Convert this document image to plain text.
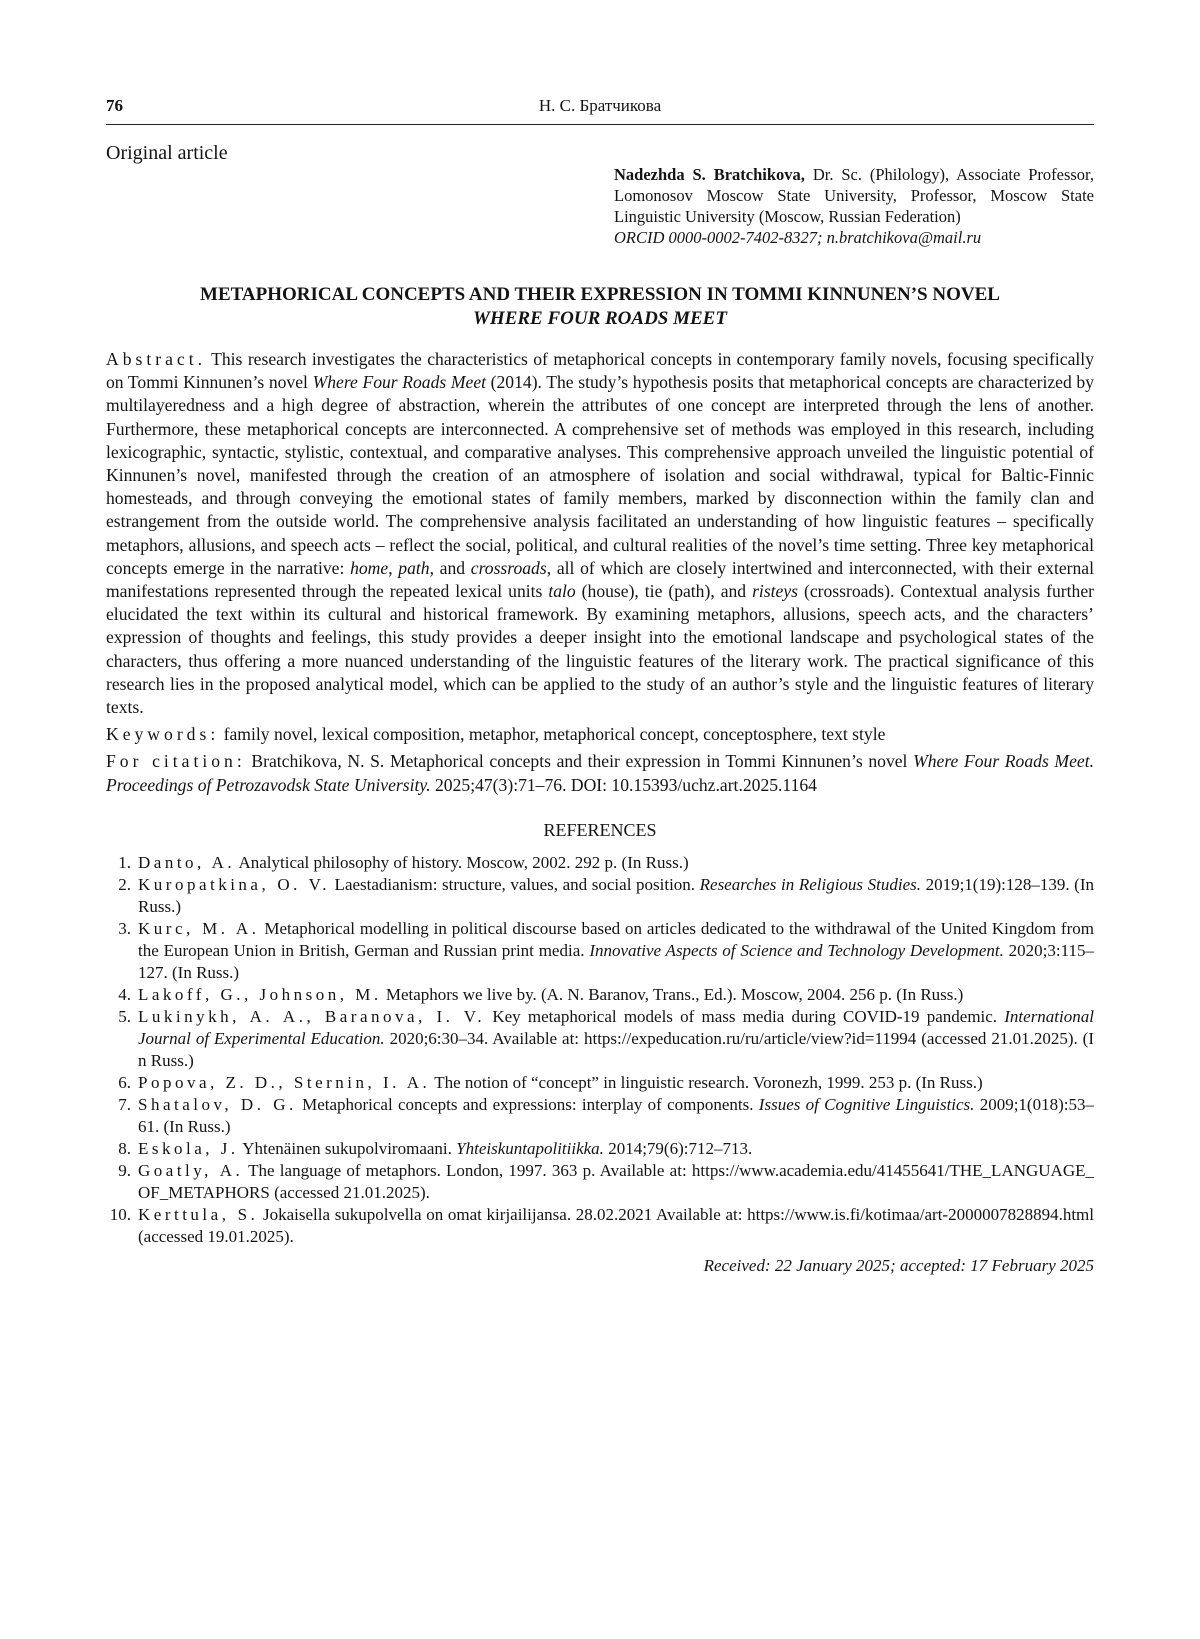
76	Н. С. Братчикова
Original article
Nadezhda S. Bratchikova, Dr. Sc. (Philology), Associate Professor, Lomonosov Moscow State University, Professor, Moscow State Linguistic University (Moscow, Russian Federation)
ORCID 0000-0002-7402-8327; n.bratchikova@mail.ru
METAPHORICAL CONCEPTS AND THEIR EXPRESSION IN TOMMI KINNUNEN’S NOVEL
WHERE FOUR ROADS MEET

Abstract. This research investigates the characteristics of metaphorical concepts in contemporary family novels, focusing specifically on Tommi Kinnunen’s novel Where Four Roads Meet (2014). The study’s hypothesis posits that metaphorical concepts are characterized by multilayeredness and a high degree of abstraction, wherein the attributes of one concept are interpreted through the lens of another. Furthermore, these metaphorical concepts are interconnected. A comprehensive set of methods was employed in this research, including lexicographic, syntactic, stylistic, contextual, and comparative analyses. This comprehensive approach unveiled the linguistic potential of Kinnunen’s novel, manifested through the creation of an atmosphere of isolation and social withdrawal, typical for Baltic-Finnic homesteads, and through conveying the emotional states of family members, marked by disconnection within the family clan and estrangement from the outside world. The comprehensive analysis facilitated an understanding of how linguistic features – specifically metaphors, allusions, and speech acts – reflect the social, political, and cultural realities of the novel’s time setting. Three key metaphorical concepts emerge in the narrative: home, path, and crossroads, all of which are closely intertwined and interconnected, with their external manifestations represented through the repeated lexical units talo (house), tie (path), and risteys (crossroads). Contextual analysis further elucidated the text within its cultural and historical framework. By examining metaphors, allusions, speech acts, and the characters’ expression of thoughts and feelings, this study provides a deeper insight into the emotional landscape and psychological states of the characters, thus offering a more nuanced understanding of the linguistic features of the literary work. The practical significance of this research lies in the proposed analytical model, which can be applied to the study of an author’s style and the linguistic features of literary texts.

Keywords: family novel, lexical composition, metaphor, metaphorical concept, conceptosphere, text style

For citation: Bratchikova, N. S. Metaphorical concepts and their expression in Tommi Kinnunen’s novel Where Four Roads Meet. Proceedings of Petrozavodsk State University. 2025;47(3):71–76. DOI: 10.15393/uchz.art.2025.1164

REFERENCES
1. Danto, A. Analytical philosophy of history. Moscow, 2002. 292 p. (In Russ.)
2. Kuropatkina, O. V. Laestadianism: structure, values, and social position. Researches in Religious Studies. 2019;1(19):128–139. (In Russ.)
3. Kurc, M. A. Metaphorical modelling in political discourse based on articles dedicated to the withdrawal of the United Kingdom from the European Union in British, German and Russian print media. Innovative Aspects of Science and Technology Development. 2020;3:115–127. (In Russ.)
4. Lakoff, G., Johnson, M. Metaphors we live by. (A. N. Baranov, Trans., Ed.). Moscow, 2004. 256 p. (In Russ.)
5. Lukinykh, A. A., Baranova, I. V. Key metaphorical models of mass media during COVID-19 pandemic. International Journal of Experimental Education. 2020;6:30–34. Available at: https://expeducation.ru/ru/article/view?id=11994 (accessed 21.01.2025). (In Russ.)
6. Popova, Z. D., Sternin, I. A. The notion of “concept” in linguistic research. Voronezh, 1999. 253 p. (In Russ.)
7. Shatalov, D. G. Metaphorical concepts and expressions: interplay of components. Issues of Cognitive Linguistics. 2009;1(018):53–61. (In Russ.)
8. Eskola, J. Yhtenäinen sukupolviromaani. Yhteiskuntapolitiikka. 2014;79(6):712–713.
9. Goatly, A. The language of metaphors. London, 1997. 363 p. Available at: https://www.academia.edu/41455641/THE_LANGUAGE_OF_METAPHORS (accessed 21.01.2025).
10. Kerttula, S. Jokaisella sukupolvella on omat kirjailijansa. 28.02.2021 Available at: https://www.is.fi/kotimaa/art-2000007828894.html (accessed 19.01.2025).
Received: 22 January 2025; accepted: 17 February 2025
